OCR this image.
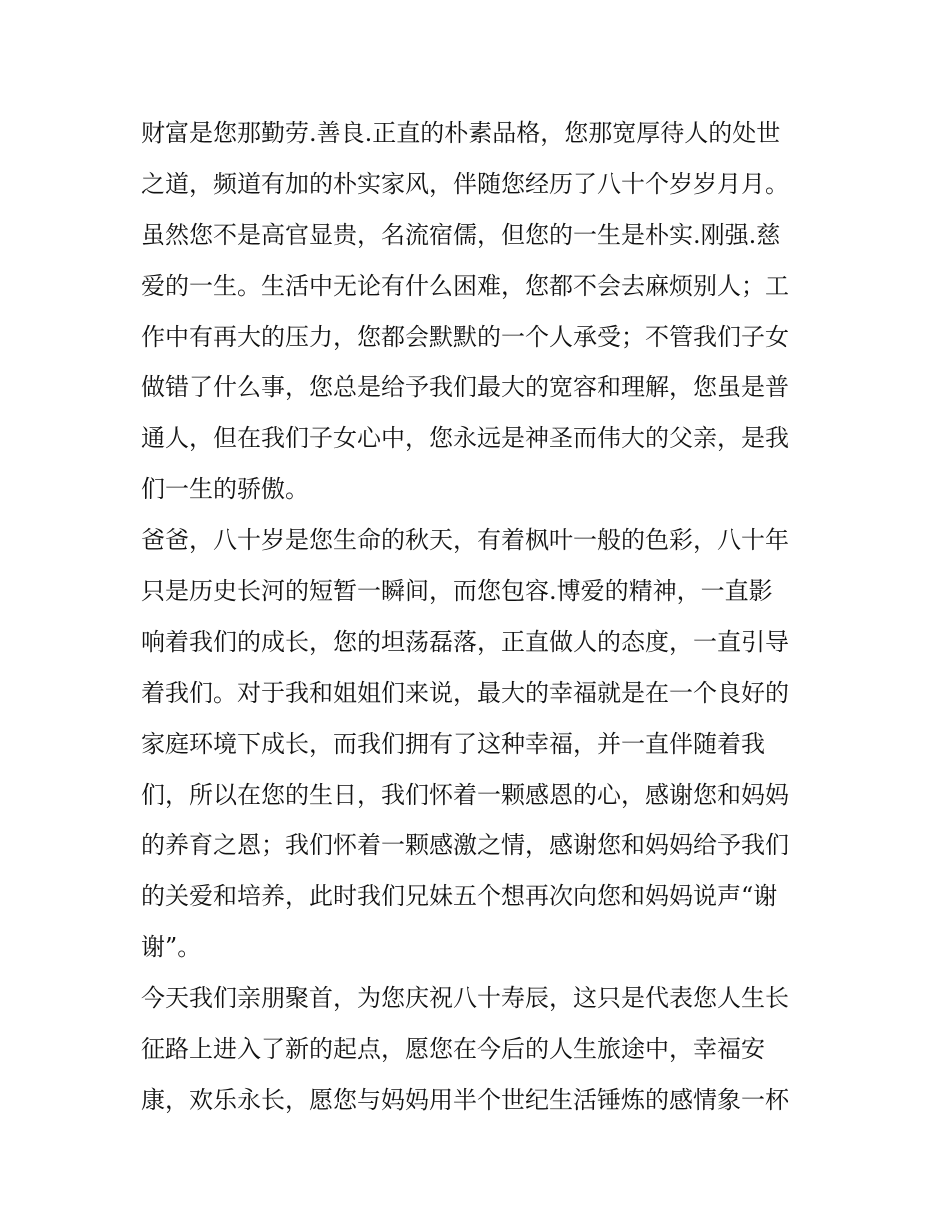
财富是您那勤劳.善良.正直的朴素品格，您那宽厚待人的处世
之道，频道有加的朴实家风，伴随您经历了八十个岁岁月月。
虽然您不是高官显贵，名流宿儒，但您的一生是朴实.刚强.慈
爱的一生。生活中无论有什么困难，您都不会去麻烦别人；工
作中有再大的压力，您都会默默的一个人承受；不管我们子女
做错了什么事，您总是给予我们最大的宽容和理解，您虽是普
通人，但在我们子女心中，您永远是神圣而伟大的父亲，是我
们一生的骄傲。
爸爸，八十岁是您生命的秋天，有着枫叶一般的色彩，八十年
只是历史长河的短暂一瞬间，而您包容.博爱的精神，一直影
响着我们的成长，您的坦荡磊落，正直做人的态度，一直引导
着我们。对于我和姐姐们来说，最大的幸福就是在一个良好的
家庭环境下成长，而我们拥有了这种幸福，并一直伴随着我
们，所以在您的生日，我们怀着一颗感恩的心，感谢您和妈妈
的养育之恩；我们怀着一颗感激之情，感谢您和妈妈给予我们
的关爱和培养，此时我们兄妹五个想再次向您和妈妈说声“谢
谢”。
今天我们亲朋聚首，为您庆祝八十寿辰，这只是代表您人生长
征路上进入了新的起点，愿您在今后的人生旅途中，幸福安
康，欢乐永长，愿您与妈妈用半个世纪生活锤炼的感情象一杯
